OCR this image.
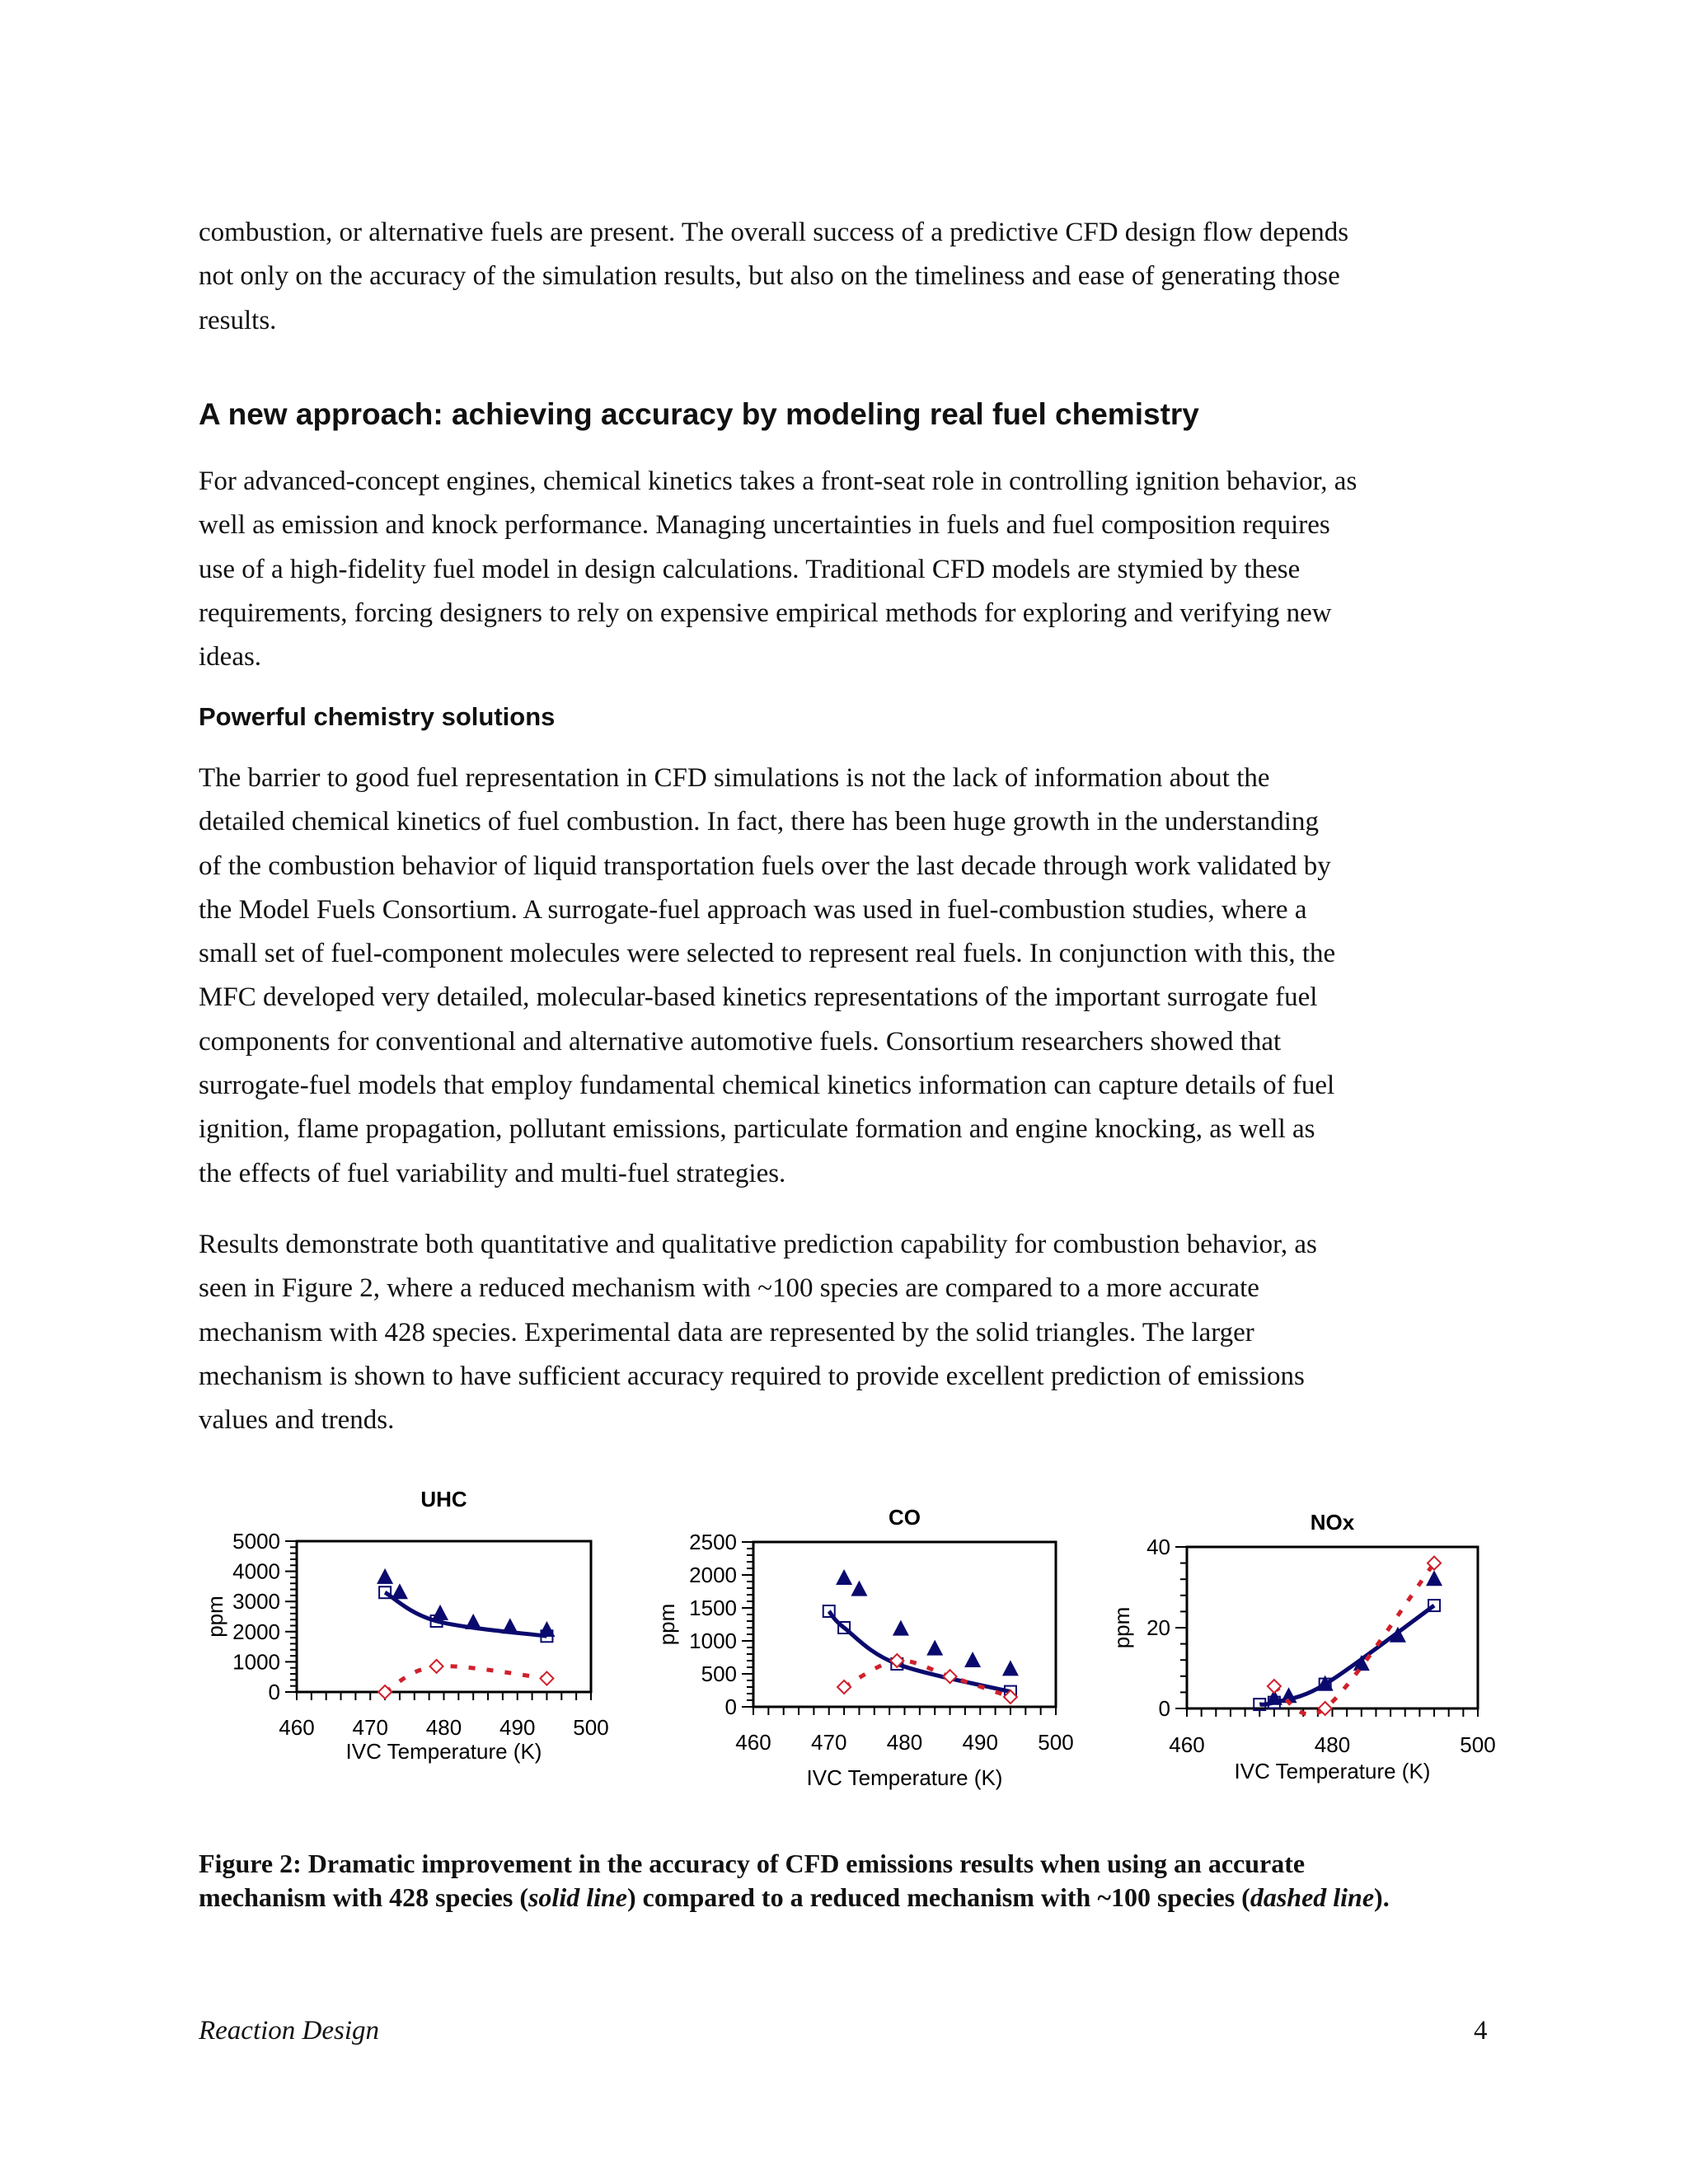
combustion, or alternative fuels are present. The overall success of a predictive CFD design flow depends
not only on the accuracy of the simulation results, but also on the timeliness and ease of generating those
results.
A new approach: achieving accuracy by modeling real fuel chemistry
For advanced-concept engines, chemical kinetics takes a front-seat role in controlling ignition behavior, as
well as emission and knock performance. Managing uncertainties in fuels and fuel composition requires
use of a high-fidelity fuel model in design calculations. Traditional CFD models are stymied by these
requirements, forcing designers to rely on expensive empirical methods for exploring and verifying new
ideas.
Powerful chemistry solutions
The barrier to good fuel representation in CFD simulations is not the lack of information about the
detailed chemical kinetics of fuel combustion. In fact, there has been huge growth in the understanding
of the combustion behavior of liquid transportation fuels over the last decade through work validated by
the Model Fuels Consortium. A surrogate-fuel approach was used in fuel-combustion studies, where a
small set of fuel-component molecules were selected to represent real fuels. In conjunction with this, the
MFC developed very detailed, molecular-based kinetics representations of the important surrogate fuel
components for conventional and alternative automotive fuels. Consortium researchers showed that
surrogate-fuel models that employ fundamental chemical kinetics information can capture details of fuel
ignition, flame propagation, pollutant emissions, particulate formation and engine knocking, as well as
the effects of fuel variability and multi-fuel strategies.
Results demonstrate both quantitative and qualitative prediction capability for combustion behavior, as
seen in Figure 2, where a reduced mechanism with ~100 species are compared to a more accurate
mechanism with 428 species. Experimental data are represented by the solid triangles. The larger
mechanism is shown to have sufficient accuracy required to provide excellent prediction of emissions
values and trends.
UHC
0
1000
2000
3000
4000
5000
460 470 480 490 500
IVC Temperature (K)
ppm
CO
0
500
1000
1500
2000
2500
460 470 480 490 500
IVC Temperature (K)
ppm
NOx
0
20
40
460	480	500
IVC Temperature (K)
ppm
Figure 2: Dramatic improvement in the accuracy of CFD emissions results when using an accurate
mechanism with 428 species (solid line) compared to a reduced mechanism with ~100 species (dashed line).
Reaction Design	4
